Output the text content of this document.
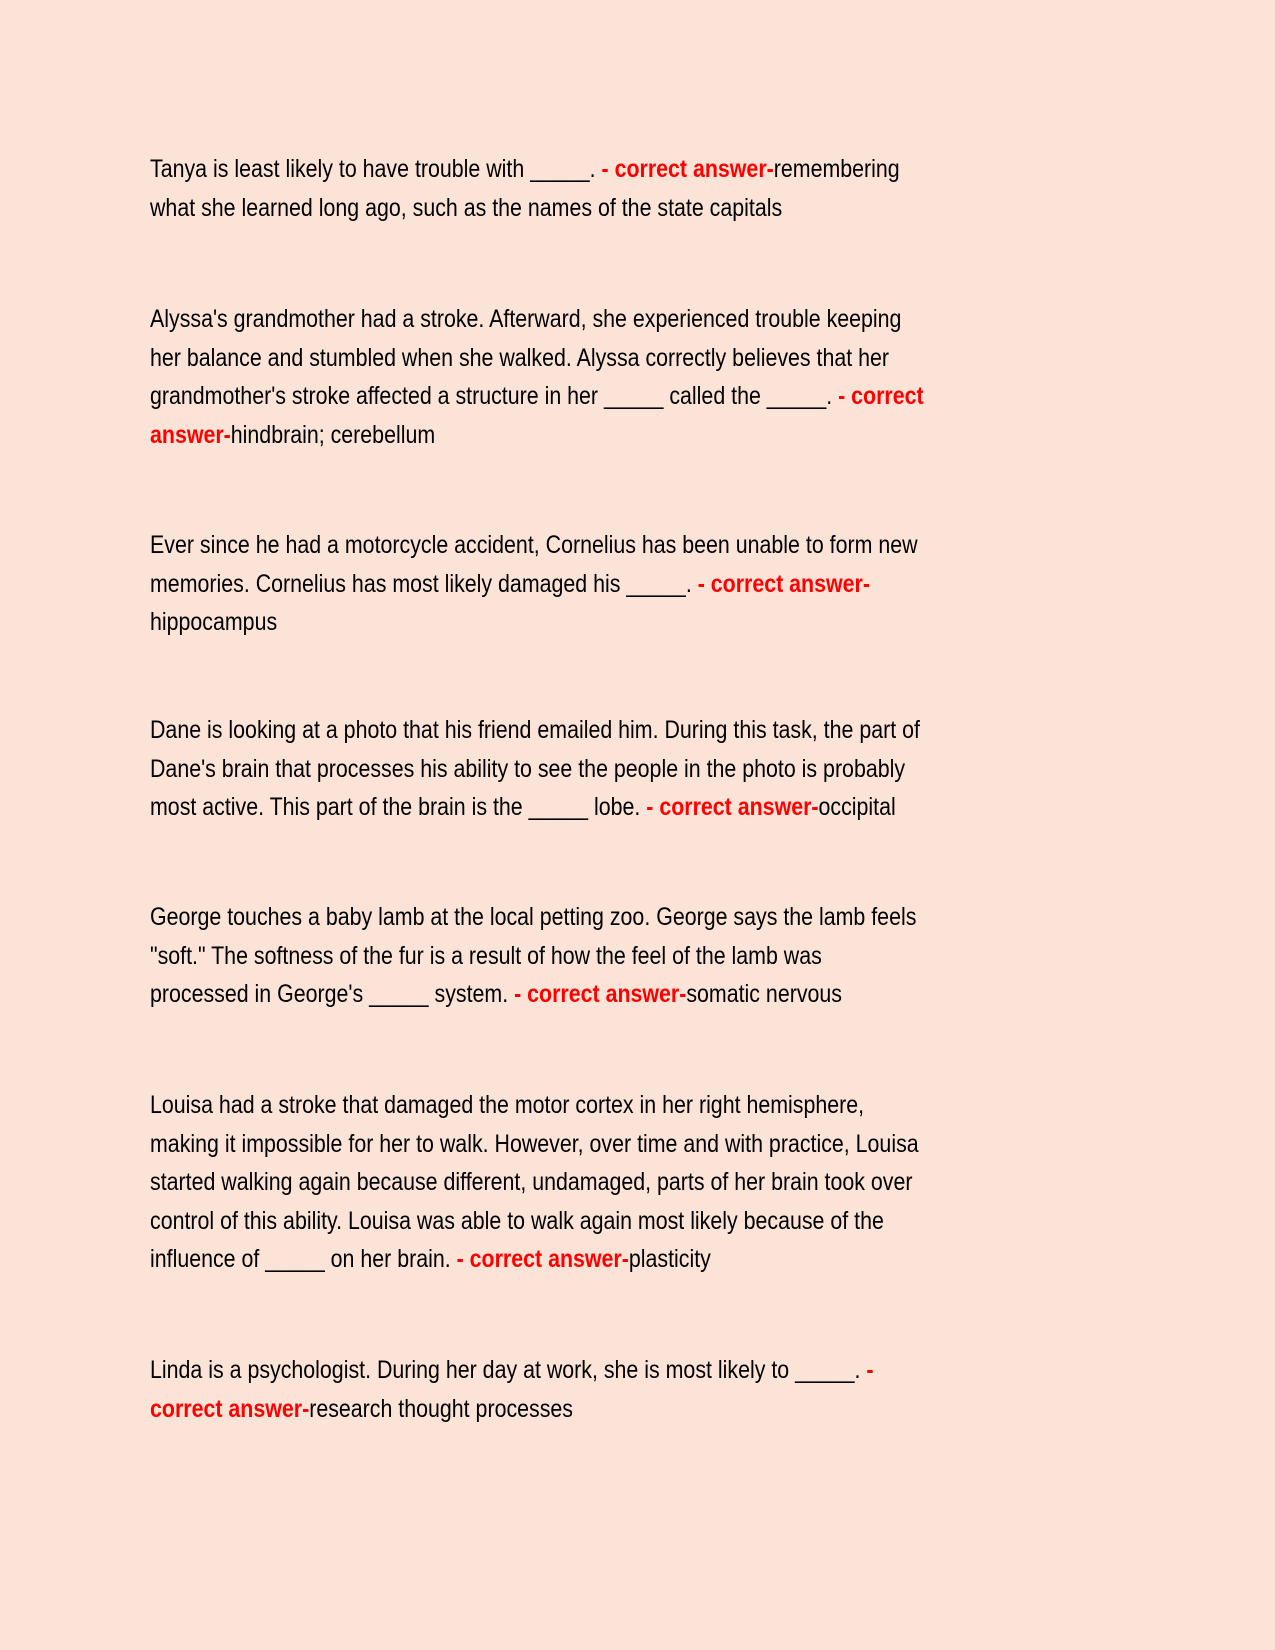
Tanya is least likely to have trouble with _____. - correct answer-remembering
what she learned long ago, such as the names of the state capitals
Alyssa's grandmother had a stroke. Afterward, she experienced trouble keeping
her balance and stumbled when she walked. Alyssa correctly believes that her
grandmother's stroke affected a structure in her _____ called the _____. - correct
answer-hindbrain; cerebellum
Ever since he had a motorcycle accident, Cornelius has been unable to form new
memories. Cornelius has most likely damaged his _____. - correct answer-
hippocampus
Dane is looking at a photo that his friend emailed him. During this task, the part of
Dane's brain that processes his ability to see the people in the photo is probably
most active. This part of the brain is the _____ lobe. - correct answer-occipital
George touches a baby lamb at the local petting zoo. George says the lamb feels
"soft." The softness of the fur is a result of how the feel of the lamb was
processed in George's _____ system. - correct answer-somatic nervous
Louisa had a stroke that damaged the motor cortex in her right hemisphere,
making it impossible for her to walk. However, over time and with practice, Louisa
started walking again because different, undamaged, parts of her brain took over
control of this ability. Louisa was able to walk again most likely because of the
influence of _____ on her brain. - correct answer-plasticity
Linda is a psychologist. During her day at work, she is most likely to _____. -
correct answer-research thought processes
